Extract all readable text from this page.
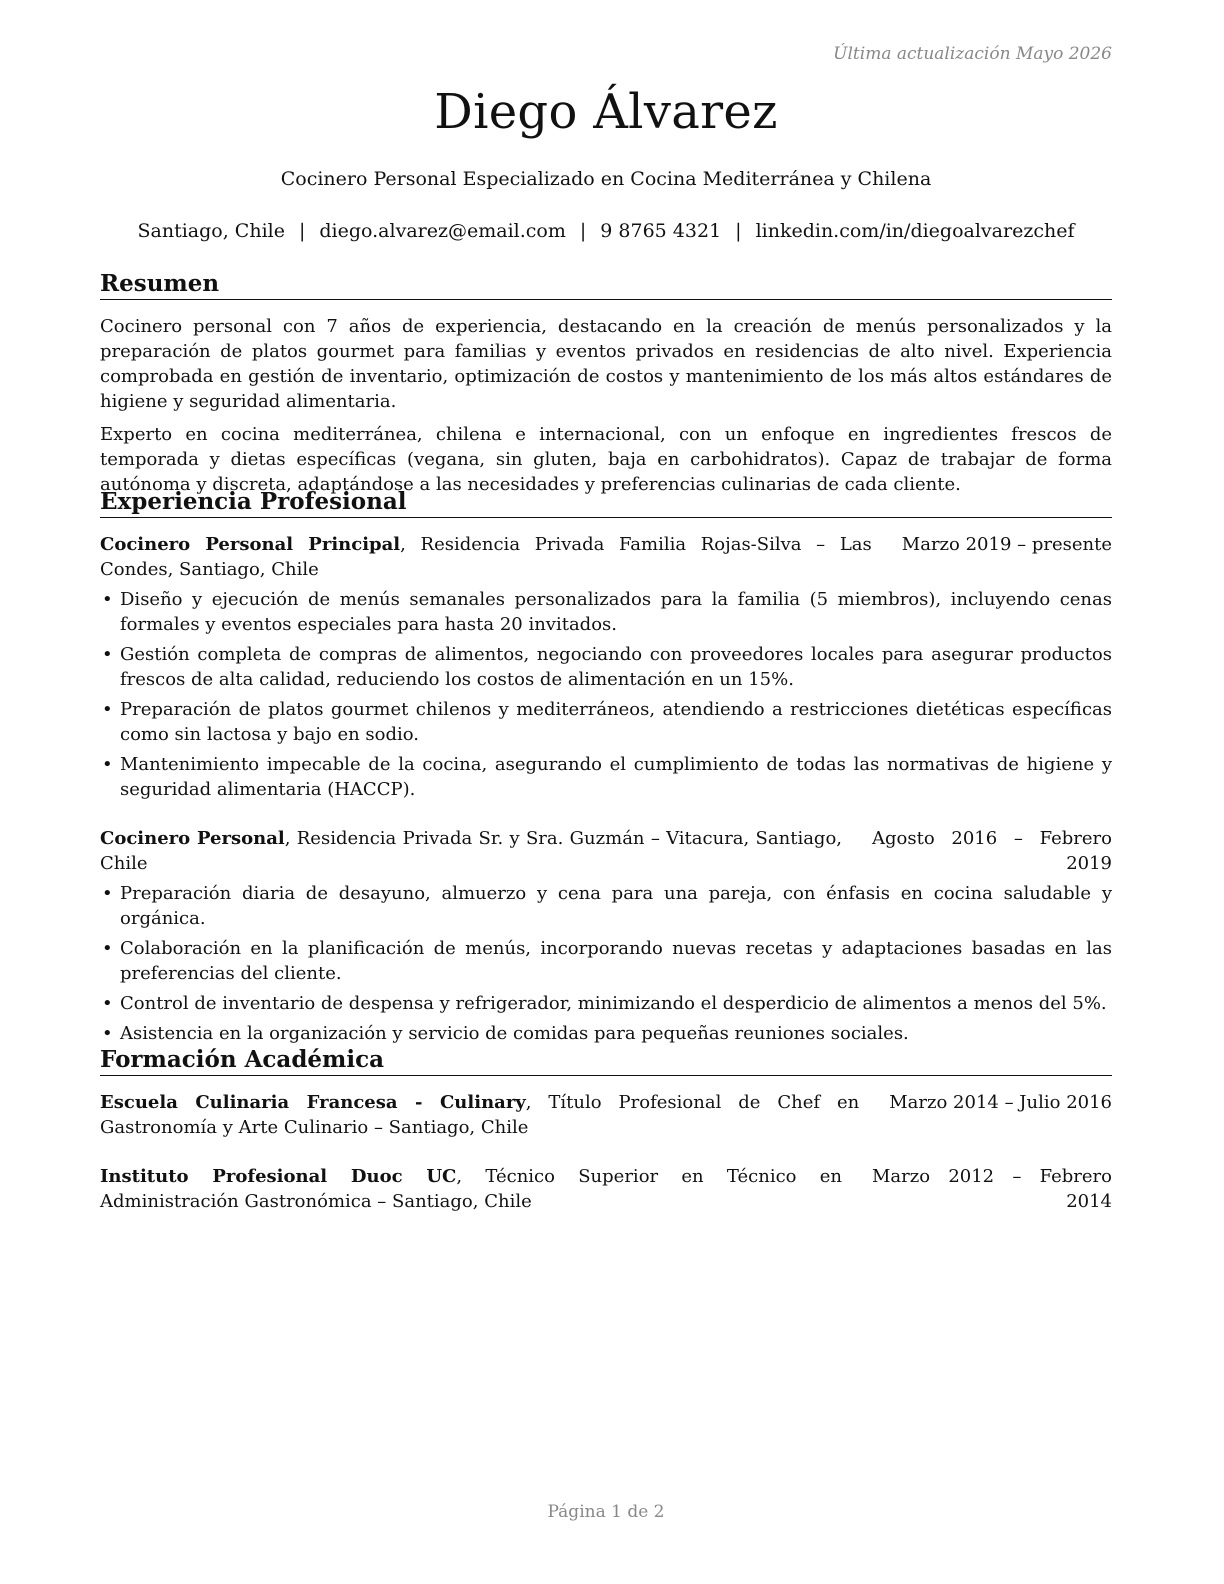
Última actualización Mayo 2026
Diego Álvarez
Cocinero Personal Especializado en Cocina Mediterránea y Chilena
Santiago, Chile | diego.alvarez@email.com | 9 8765 4321 | linkedin.com/in/diegoalvarezchef
Resumen

Cocinero personal con 7 años de experiencia, destacando en la creación de menús personalizados y la preparación de platos gourmet para familias y eventos privados en residencias de alto nivel. Experiencia comprobada en gestión de inventario, optimización de costos y mantenimiento de los más altos estándares de higiene y seguridad alimentaria.

Experto en cocina mediterránea, chilena e internacional, con un enfoque en ingredientes frescos de temporada y dietas específicas (vegana, sin gluten, baja en carbohidratos). Capaz de trabajar de forma autónoma y discreta, adaptándose a las necesidades y preferencias culinarias de cada cliente.

Experiencia Profesional
Cocinero Personal Principal, Residencia Privada Familia Rojas-Silva – Las Condes, Santiago, Chile
Marzo 2019 – presente
• Diseño y ejecución de menús semanales personalizados para la familia (5 miembros), incluyendo cenas formales y eventos especiales para hasta 20 invitados.
• Gestión completa de compras de alimentos, negociando con proveedores locales para asegurar productos frescos de alta calidad, reduciendo los costos de alimentación en un 15%.
• Preparación de platos gourmet chilenos y mediterráneos, atendiendo a restricciones dietéticas específicas como sin lactosa y bajo en sodio.
• Mantenimiento impecable de la cocina, asegurando el cumplimiento de todas las normativas de higiene y seguridad alimentaria (HACCP).
Cocinero Personal, Residencia Privada Sr. y Sra. Guzmán – Vitacura, Santiago, Chile
Agosto 2016 – Febrero 2019
• Preparación diaria de desayuno, almuerzo y cena para una pareja, con énfasis en cocina saludable y orgánica.
• Colaboración en la planificación de menús, incorporando nuevas recetas y adaptaciones basadas en las preferencias del cliente.
• Control de inventario de despensa y refrigerador, minimizando el desperdicio de alimentos a menos del 5%.
• Asistencia en la organización y servicio de comidas para pequeñas reuniones sociales.
Formación Académica
Escuela Culinaria Francesa - Culinary, Título Profesional de Chef en Gastronomía y Arte Culinario – Santiago, Chile
Marzo 2014 – Julio 2016
Instituto Profesional Duoc UC, Técnico Superior en Técnico en Administración Gastronómica – Santiago, Chile
Marzo 2012 – Febrero 2014
Página 1 de 2
